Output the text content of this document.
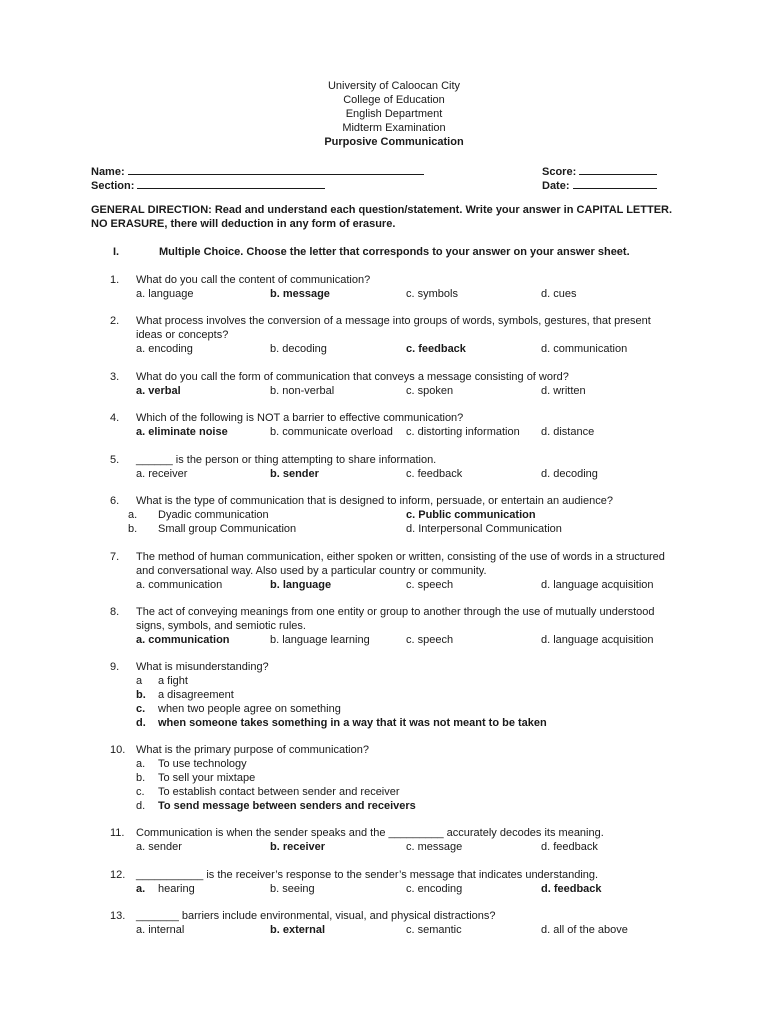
University of Caloocan City
College of Education
English Department
Midterm Examination
Purposive Communication
Name:	Score:
Section:	Date:
GENERAL DIRECTION: Read and understand each question/statement. Write your answer in CAPITAL LETTER. NO ERASURE, there will deduction in any form of erasure.
I.	Multiple Choice. Choose the letter that corresponds to your answer on your answer sheet.
1.	What do you call the content of communication?
a. language	b. message	c. symbols	d. cues
2.	What process involves the conversion of a message into groups of words, symbols, gestures, that present ideas or concepts?
a. encoding	b. decoding	c. feedback	d. communication
3.	What do you call the form of communication that conveys a message consisting of word?
a. verbal	b. non-verbal	c. spoken	d. written
4.	Which of the following is NOT a barrier to effective communication?
a. eliminate noise	b. communicate overload c. distorting information d. distance
5.	______ is the person or thing attempting to share information.
a. receiver	b. sender	c. feedback	d. decoding
6.	What is the type of communication that is designed to inform, persuade, or entertain an audience?
a. Dyadic communication	c. Public communication
b. Small group Communication	d. Interpersonal Communication
7.	The method of human communication, either spoken or written, consisting of the use of words in a structured and conversational way. Also used by a particular country or community.
a. communication	b. language	c. speech	d. language acquisition
8.	The act of conveying meanings from one entity or group to another through the use of mutually understood signs, symbols, and semiotic rules.
a. communication	b. language learning	c. speech	d. language acquisition
9.	What is misunderstanding?
a a fight
b. a disagreement
c. when two people agree on something
d. when someone takes something in a way that it was not meant to be taken
10. What is the primary purpose of communication?
a. To use technology
b. To sell your mixtape
c. To establish contact between sender and receiver
d. To send message between senders and receivers
11.	Communication is when the sender speaks and the _________ accurately decodes its meaning.
a. sender	b. receiver	c. message	d. feedback
12. ___________ is the receiver’s response to the sender’s message that indicates understanding.
a. hearing	b. seeing	c. encoding	d. feedback
13. _______ barriers include environmental, visual, and physical distractions?
a. internal	b. external	c. semantic	d. all of the above
